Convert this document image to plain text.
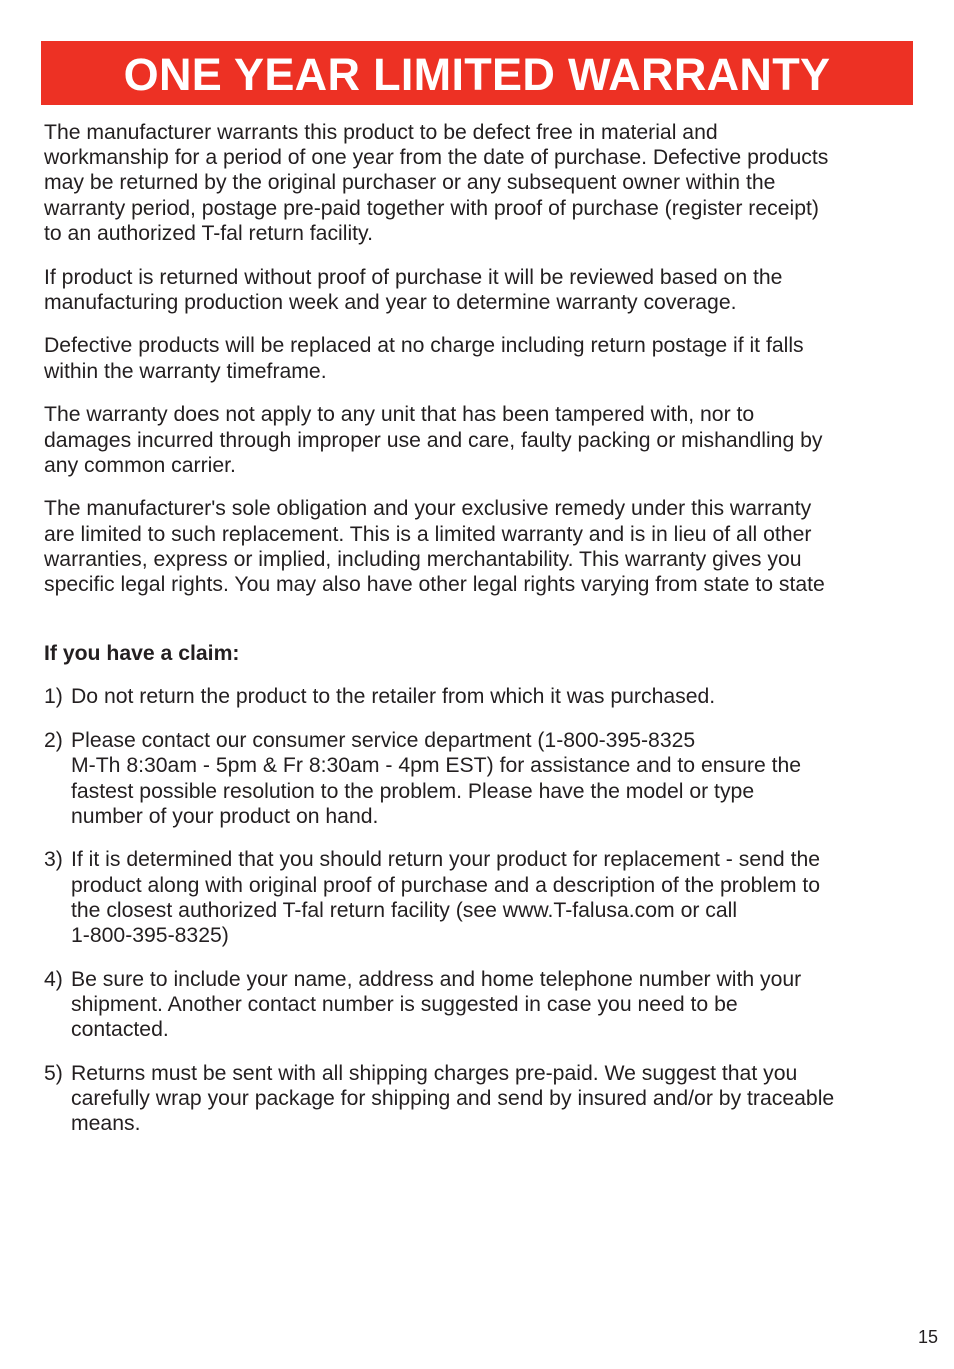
ONE YEAR LIMITED WARRANTY

The manufacturer warrants this product to be defect free in material and
workmanship for a period of one year from the date of purchase. Defective products
may be returned by the original purchaser or any subsequent owner within the
warranty period, postage pre-paid together with proof of purchase (register receipt)
to an authorized T-fal return facility.

If product is returned without proof of purchase it will be reviewed based on the
manufacturing production week and year to determine warranty coverage.

Defective products will be replaced at no charge including return postage if it falls
within the warranty timeframe.

The warranty does not apply to any unit that has been tampered with, nor to
damages incurred through improper use and care, faulty packing or mishandling by
any common carrier.

The manufacturer's sole obligation and your exclusive remedy under this warranty
are limited to such replacement. This is a limited warranty and is in lieu of all other
warranties, express or implied, including merchantability. This warranty gives you
specific legal rights. You may also have other legal rights varying from state to state

If you have a claim:
1) Do not return the product to the retailer from which it was purchased.
2) Please contact our consumer service department (1-800-395-8325
M-Th 8:30am - 5pm & Fr 8:30am - 4pm EST) for assistance and to ensure the
fastest possible resolution to the problem. Please have the model or type
number of your product on hand.
3) If it is determined that you should return your product for replacement - send the
product along with original proof of purchase and a description of the problem to
the closest authorized T-fal return facility (see www.T-falusa.com or call
1-800-395-8325)
4) Be sure to include your name, address and home telephone number with your
shipment. Another contact number is suggested in case you need to be
contacted.
5) Returns must be sent with all shipping charges pre-paid. We suggest that you
carefully wrap your package for shipping and send by insured and/or by traceable
means.
15
